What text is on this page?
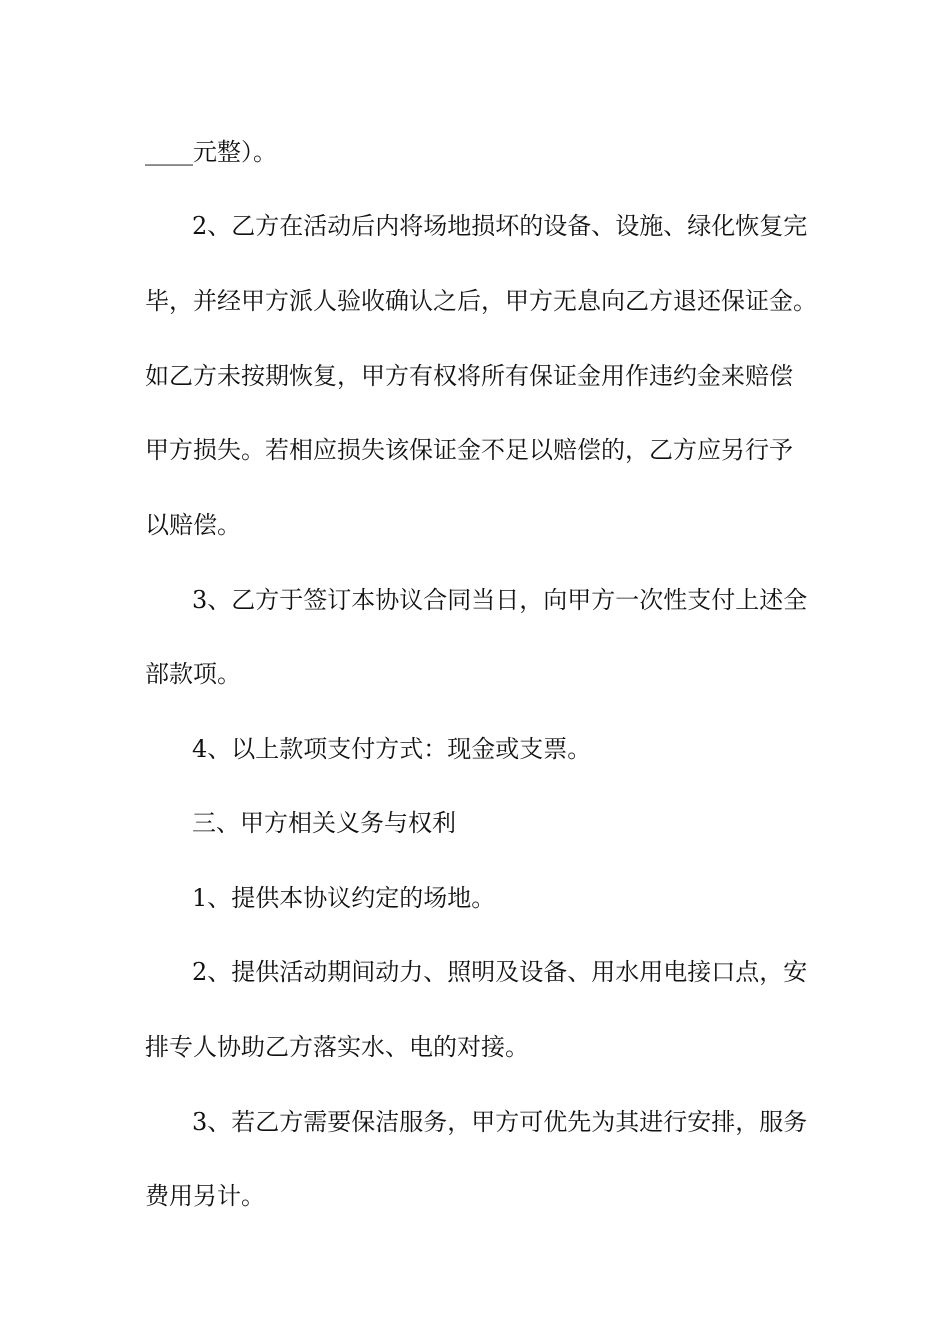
____元整）。
2、乙方在活动后内将场地损坏的设备、设施、绿化恢复完
毕，并经甲方派人验收确认之后，甲方无息向乙方退还保证金。
如乙方未按期恢复，甲方有权将所有保证金用作违约金来赔偿
甲方损失。若相应损失该保证金不足以赔偿的，乙方应另行予
以赔偿。
3、乙方于签订本协议合同当日，向甲方一次性支付上述全
部款项。
4、以上款项支付方式：现金或支票。
三、甲方相关义务与权利
1、提供本协议约定的场地。
2、提供活动期间动力、照明及设备、用水用电接口点，安
排专人协助乙方落实水、电的对接。
3、若乙方需要保洁服务，甲方可优先为其进行安排，服务
费用另计。
